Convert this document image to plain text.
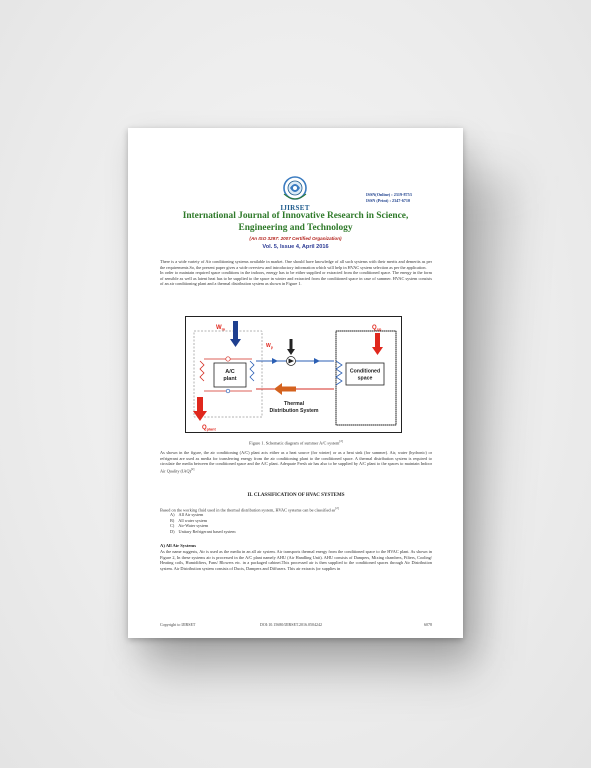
IJIRSET
ISSN(Online) : 2319-8753
ISSN (Print) : 2347-6710
International Journal of Innovative Research in Science,
Engineering and Technology
(An ISO 3297: 2007 Certified Organization)
Vol. 5, Issue 4, April 2016
There is a wide variety of Air conditioning systems available in market. One should have knowledge of all such systems with their merits and demerits as per the requirements.So, the present paper gives a wide overview and introductory information which will help in HVAC system selection as per the application.
In order to maintain required space conditions in the indoors, energy has to be either supplied or extracted from the conditioned space. The energy in the form of sensible as well as latent heat has to be supplied to the space in winter and extracted from the conditioned space in case of summer. HVAC system consists of an air conditioning plant and a thermal distribution system as shown in Figure 1.
A/C
plant
Conditioned
space
$W_{in}$
$W_p$
$Q_{sp}$
$Q_{plant}$
Thermal
Distribution System
Figure 1. Schematic diagram of summer A/C system[2]
As shown in the figure, the air conditioning (A/C) plant acts either as a heat source (for winter) or as a heat sink (for summer). Air, water (hydronic) or refrigerant are used as media for transferring energy from the air conditioning plant to the conditioned space. A thermal distribution system is required to circulate the media between the conditioned space and the A/C plant. Adequate Fresh air has also to be supplied by A/C plant to the spaces to maintain Indoor Air Quality (IAQ)[2]
II. CLASSIFICATION OF HVAC SYSTEMS
Based on the working fluid used in the thermal distribution system, HVAC systems can be classified as[2]
A) All Air system
B) All water system
C) Air-Water system
D) Unitary Refrigerant based system
A) All Air Systems
As the name suggests, Air is used as the media in an all air system. Air transports thermal energy from the conditioned space to the HVAC plant. As shown in Figure 2, In these systems air is processed in the A/C plant namely AHU (Air Handling Unit). AHU consists of Dampers, Mixing chambers, Filters, Cooling/ Heating coils, Humidifiers, Fans/ Blowers etc. in a packaged cabinet.This processed air is then supplied to the conditioned spaces through Air Distribution system. Air Distribution system consists of Ducts, Dampers and Diffusers. This air extracts (or supplies in
Copyright to IJIRSET	DOI:10.15680/IJIRSET.2016.0504242	6078
